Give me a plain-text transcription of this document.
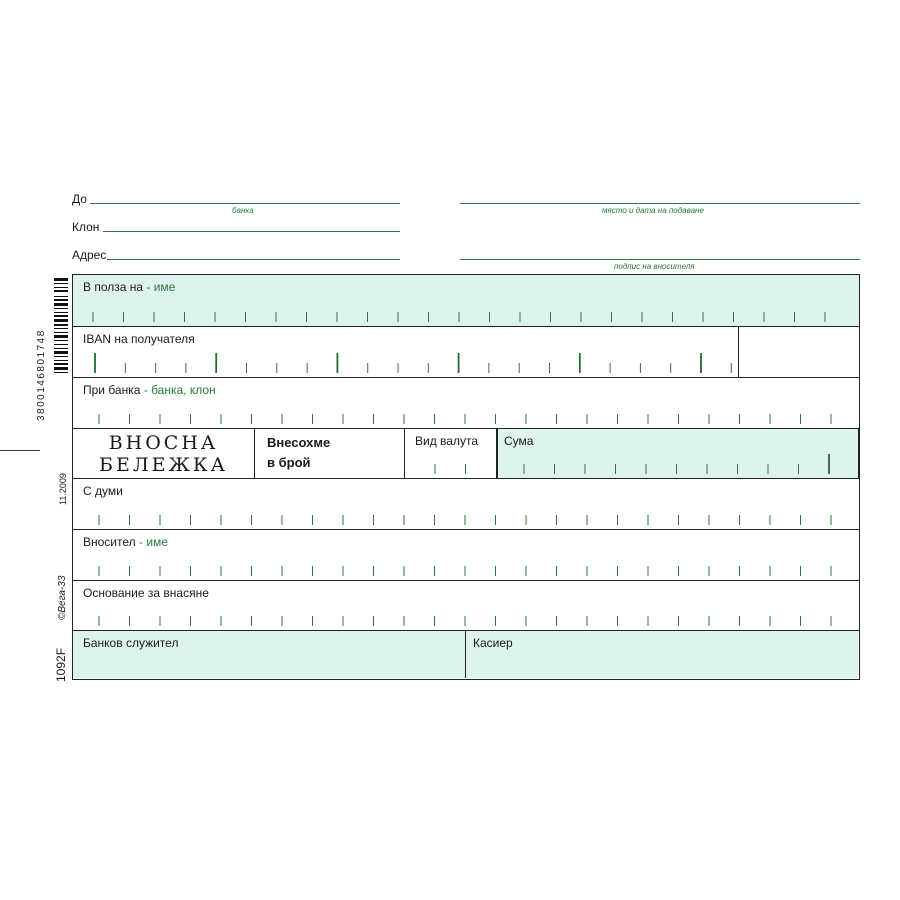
До
банка
Клон
Адрес
място и дата на подаване
подпис на вносителя
3800146801748
11.2009
©Вега-33
1092F
В полза на - име
IBAN на получателя
При банка - банка, клон
ВНОСНА
БЕЛЕЖКА
Внесохме
в брой
Вид валута Сума
С думи
Вносител - име
Основание за внасяне
Банков служител	Касиер
